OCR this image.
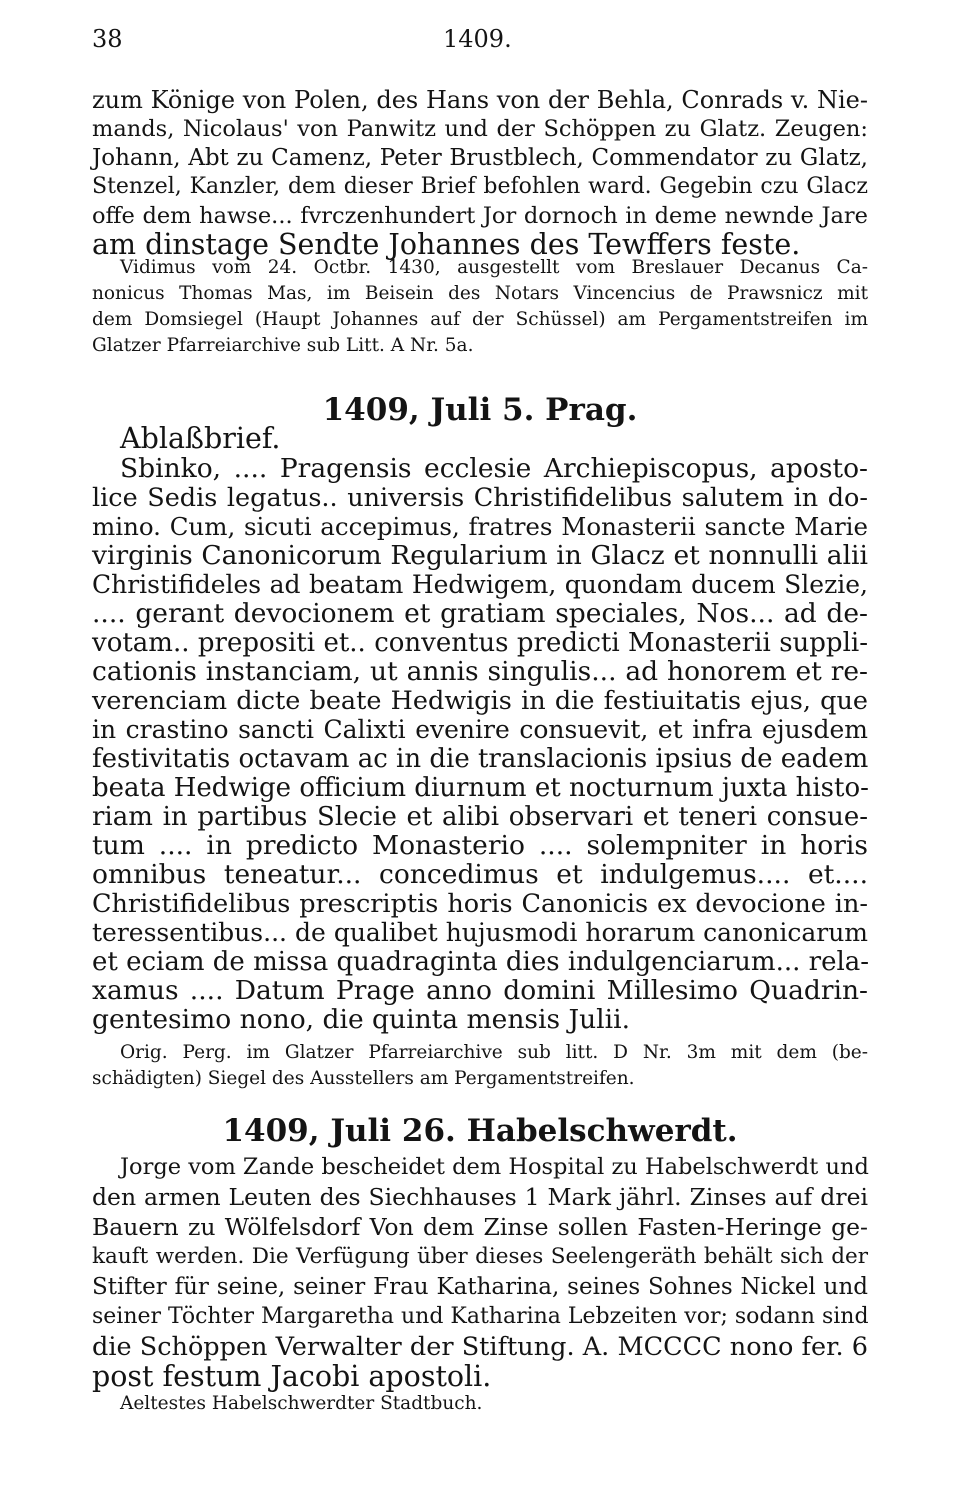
38	1409.
zum Könige von Polen, des Hans von der Behla, Conrads v. Nie-
mands, Nicolaus' von Panwitz und der Schöppen zu Glatz. Zeugen:
Johann, Abt zu Camenz, Peter Brustblech, Commendator zu Glatz,
Stenzel, Kanzler, dem dieser Brief befohlen ward. Gegebin czu Glacz
offe dem hawse... fvrczenhundert Jor dornoch in deme newnde Jare
am dinstage Sendte Johannes des Tewffers feste.
Vidimus vom 24. Octbr. 1430, ausgestellt vom Breslauer Decanus Ca-
nonicus Thomas Mas, im Beisein des Notars Vincencius de Prawsnicz mit
dem Domsiegel (Haupt Johannes auf der Schüssel) am Pergamentstreifen im
Glatzer Pfarreiarchive sub Litt. A Nr. 5a.
1409, Juli 5. Prag.
Ablaßbrief.
Sbinko, .... Pragensis ecclesie Archiepiscopus, aposto-
lice Sedis legatus.. universis Christifidelibus salutem in do-
mino. Cum, sicuti accepimus, fratres Monasterii sancte Marie
virginis Canonicorum Regularium in Glacz et nonnulli alii
Christifideles ad beatam Hedwigem, quondam ducem Slezie,
.... gerant devocionem et gratiam speciales, Nos... ad de-
votam.. prepositi et.. conventus predicti Monasterii suppli-
cationis instanciam, ut annis singulis... ad honorem et re-
verenciam dicte beate Hedwigis in die festiuitatis ejus, que
in crastino sancti Calixti evenire consuevit, et infra ejusdem
festivitatis octavam ac in die translacionis ipsius de eadem
beata Hedwige officium diurnum et nocturnum juxta histo-
riam in partibus Slecie et alibi observari et teneri consue-
tum .... in predicto Monasterio .... solempniter in horis
omnibus teneatur... concedimus et indulgemus.... et....
Christifidelibus prescriptis horis Canonicis ex devocione in-
teressentibus... de qualibet hujusmodi horarum canonicarum
et eciam de missa quadraginta dies indulgenciarum... rela-
xamus .... Datum Prage anno domini Millesimo Quadrin-
gentesimo nono, die quinta mensis Julii.
Orig. Perg. im Glatzer Pfarreiarchive sub litt. D Nr. 3m mit dem (be-
schädigten) Siegel des Ausstellers am Pergamentstreifen.
1409, Juli 26. Habelschwerdt.
Jorge vom Zande bescheidet dem Hospital zu Habelschwerdt und
den armen Leuten des Siechhauses 1 Mark jährl. Zinses auf drei
Bauern zu Wölfelsdorf Von dem Zinse sollen Fasten-Heringe ge-
kauft werden. Die Verfügung über dieses Seelengeräth behält sich der
Stifter für seine, seiner Frau Katharina, seines Sohnes Nickel und
seiner Töchter Margaretha und Katharina Lebzeiten vor; sodann sind
die Schöppen Verwalter der Stiftung. A. MCCCC nono fer. 6
post festum Jacobi apostoli.
Aeltestes Habelschwerdter Stadtbuch.
